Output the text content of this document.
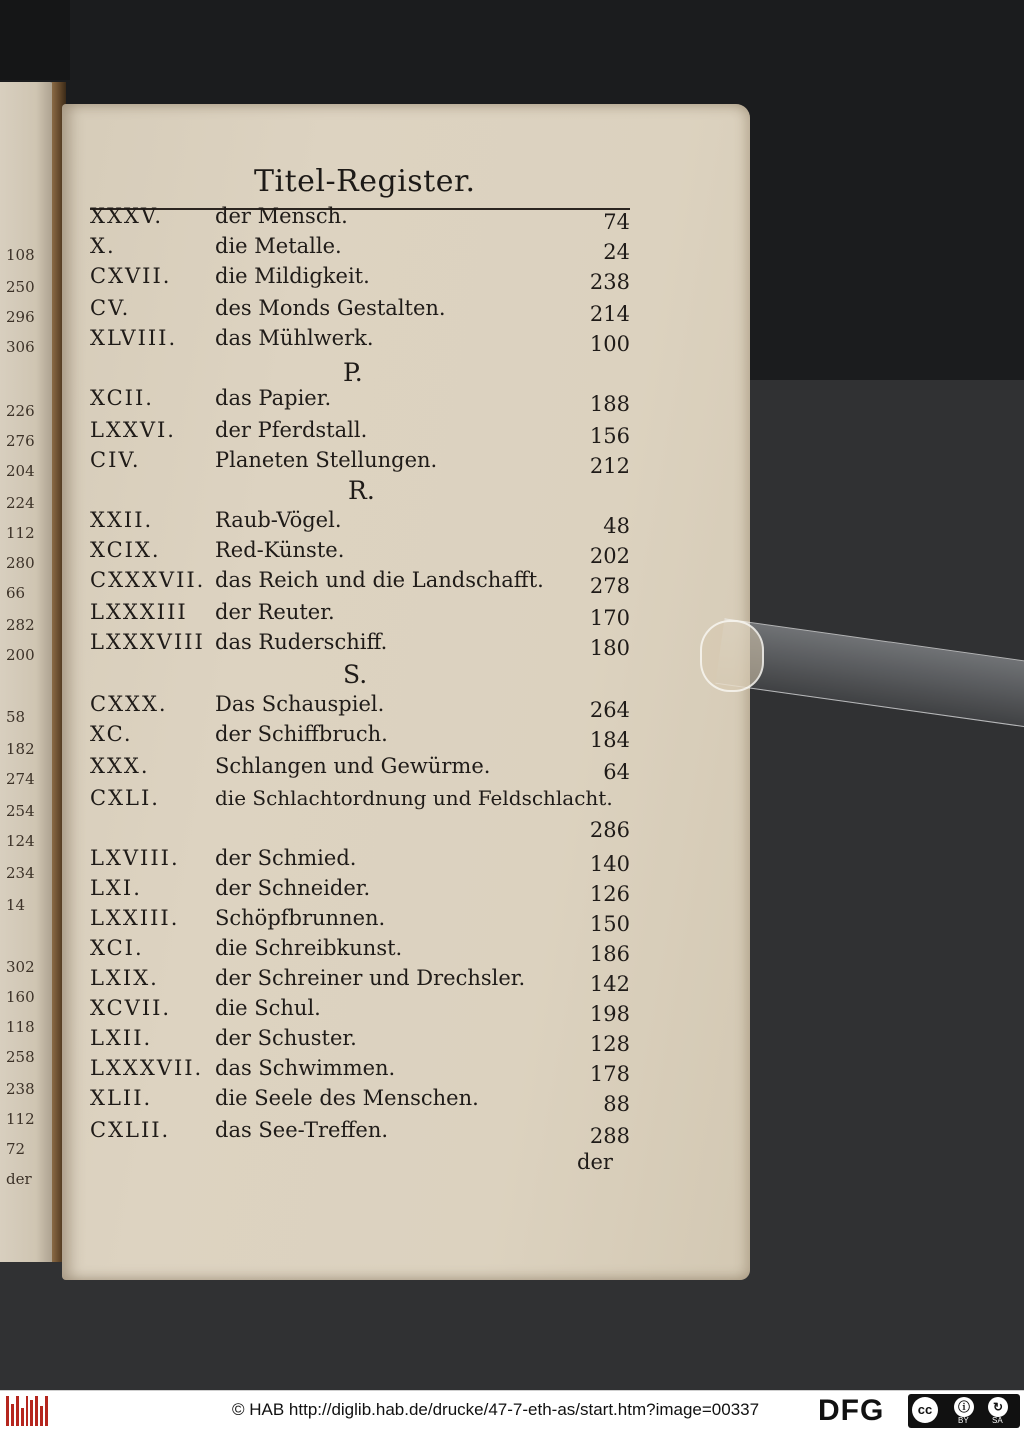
108
250
296
306
226
276
204
224
112
280
66
282
200
58
182
274
254
124
234
14
302
160
118
258
238
112
72
der
Titel-Register.
XXXV. der Mensch.	74
X.	die Metalle.	24
CXVII. die Mildigkeit.	238
CV.	des Monds Gestalten.	214
XLVIII. das Mühlwerk.	100
P.
XCII.	das Papier.	188
LXXVI. der Pferdstall.	156
CIV.	Planeten Stellungen.	212
R.
XXII.	Raub-Vögel.	48
XCIX.	Red-Künste.	202
CXXXVII. das Reich und die Landschafft. 278
LXXXIII der Reuter.	170
LXXXVIII das Ruderschiff.	180
S.
CXXX. Das Schauspiel.	264
XC.	der Schiffbruch.	184
XXX.	Schlangen und Gewürme.	64
CXLI.	die Schlachtordnung und Feldschlacht.
286
LXVIII. der Schmied.	140
LXI.	der Schneider.	126
LXXIII. Schöpfbrunnen.	150
XCI.	die Schreibkunst.	186
LXIX.	der Schreiner und Drechsler.	142
XCVII. die Schul.	198
LXII.	der Schuster.	128
LXXXVII. das Schwimmen.	178
XLII.	die Seele des Menschen.	88
CXLII. das See-Treffen.	288
der
© HAB http://diglib.hab.de/drucke/47-7-eth-as/start.htm?image=00337 DFG	cc	ⓘ	↻
BY	SA
